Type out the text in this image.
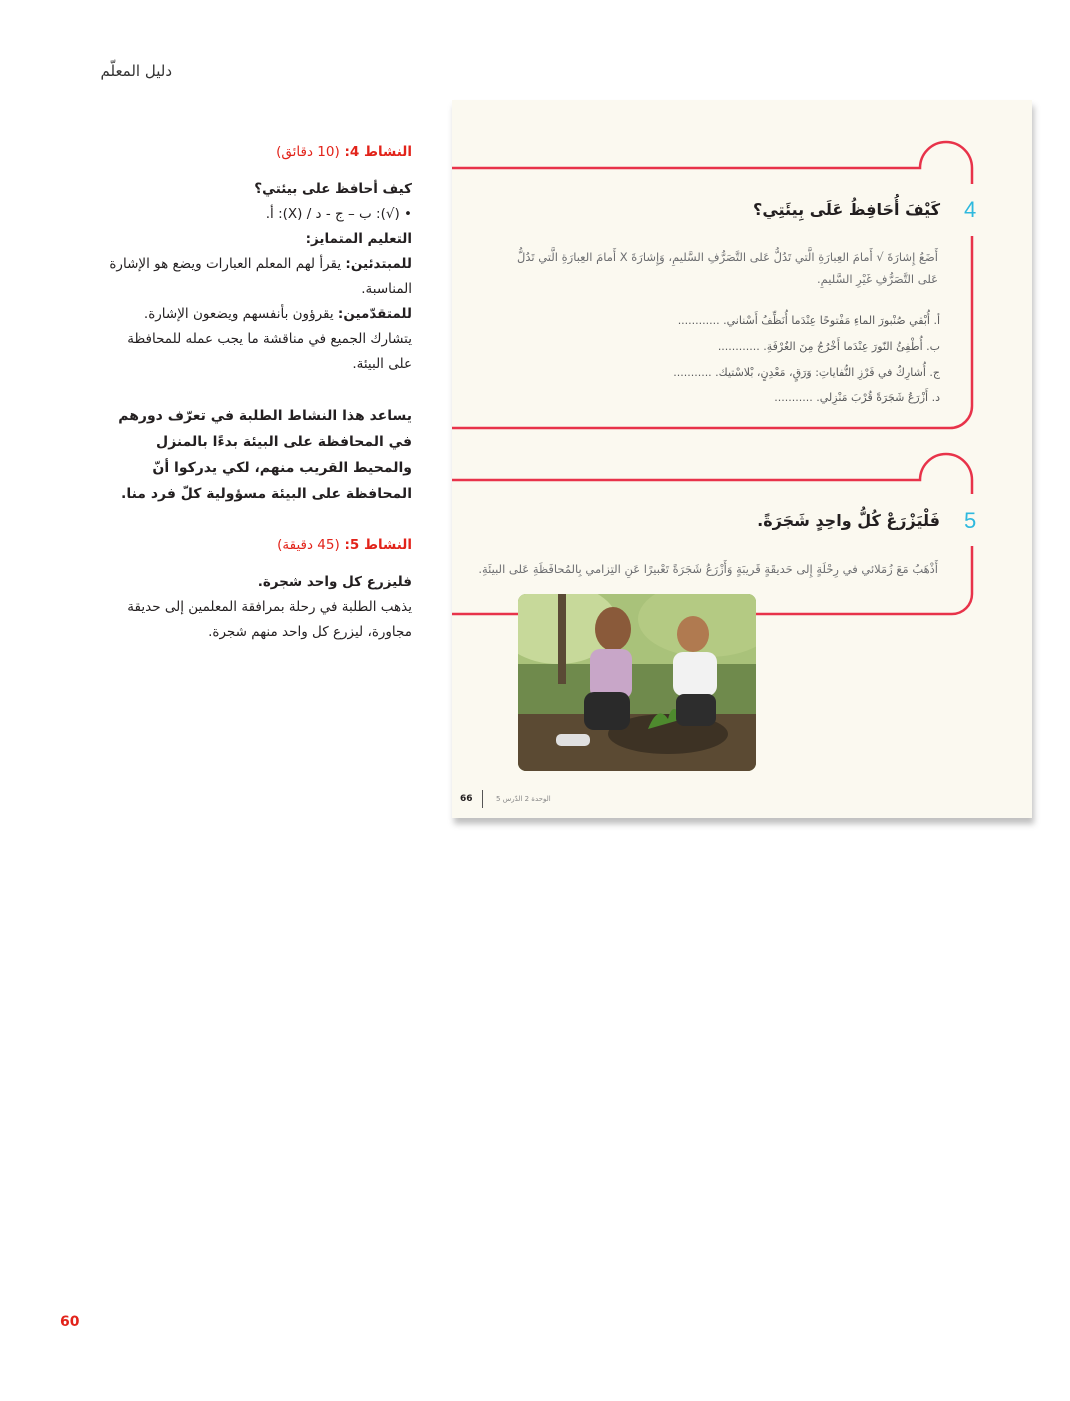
دليل المعلّم

النشاط 4: (10 دقائق)

كيف أحافظ على بيئتي؟

• (√): ب – ج - د / (X): أ.

التعليم المتمايز:

للمبتدئين: يقرأ لهم المعلم العبارات ويضع هو الإشارة المناسبة.

للمتقدّمين: يقرؤون بأنفسهم ويضعون الإشارة.

يتشارك الجميع في مناقشة ما يجب عمله للمحافظة على البيئة.

يساعد هذا النشاط الطلبة في تعرّف دورهم في المحافظة على البيئة بدءًا بالمنزل والمحيط القريب منهم، لكي يدركوا أنّ المحافظة على البيئة مسؤولية كلّ فرد منا.

النشاط 5: (45 دقيقة)

فليزرع كل واحد شجرة.

يذهب الطلبة في رحلة بمرافقة المعلمين إلى حديقة مجاورة، ليزرع كل واحد منهم شجرة.

60
4
كَيْفَ أُحَافِظُ عَلَى بِيئَتِي؟
أَضَعُ إِشارَةَ √ أَمامَ العِبارَةِ الَّتي تَدُلُّ عَلى التَّصَرُّفِ السَّليمِ، وَإِشارَةَ X أَمامَ العِبارَةِ الَّتي تَدُلُّ عَلى التَّصَرُّفِ غَيْرِ السَّليمِ.
أ. أُبْقي صُنْبورَ الماءِ مَفْتوحًا عِنْدَما أُنَظِّفُ أَسْناني. ............
ب. أُطْفِئُ النّورَ عِنْدَما أَخْرُجُ مِنَ الغُرْفَةِ. ............
ج. أُشارِكُ في فَرْزِ النُّفاياتِ: وَرَقٍ، مَعْدِنٍ، بْلاسْتيك. ...........
د. أَزْرَعُ شَجَرَةً قُرْبَ مَنْزِلي. ...........
5
فَلْيَزْرَعْ كُلُّ واحِدٍ شَجَرَةً.
أَذْهَبُ مَعَ زُمَلائي في رِحْلَةٍ إِلى حَديقَةٍ قَريبَةٍ وَأَزْرَعُ شَجَرَةً تَعْبيرًا عَنِ التِزامي بِالمُحافَظَةِ عَلى البيئَةِ.
66	الوحدة 2 الدّرس 5
